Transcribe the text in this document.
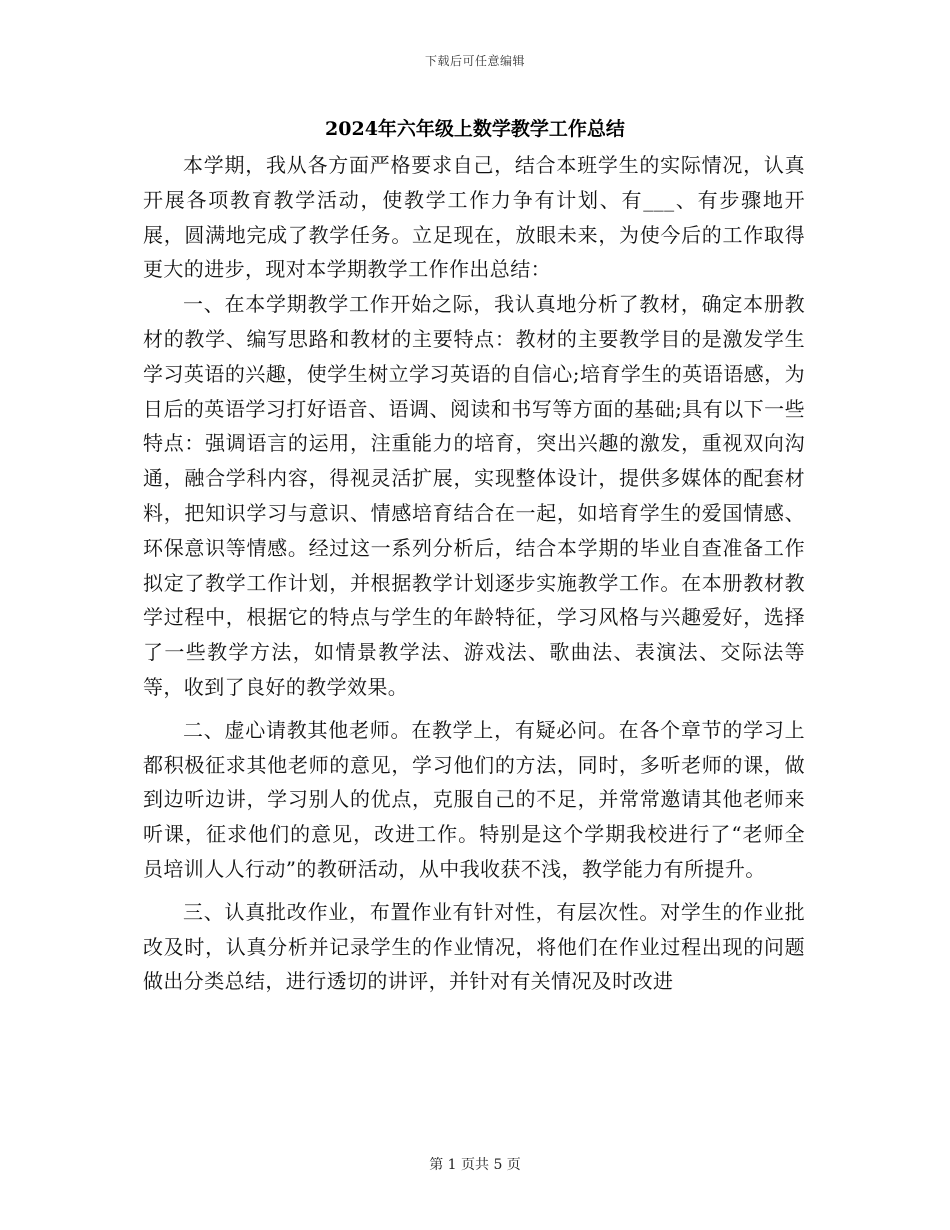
下载后可任意编辑
2024年六年级上数学教学工作总结

本学期，我从各方面严格要求自己，结合本班学生的实际情况，认真开展各项教育教学活动，使教学工作力争有计划、有___、有步骤地开展，圆满地完成了教学任务。立足现在，放眼未来，为使今后的工作取得更大的进步，现对本学期教学工作作出总结：

一、在本学期教学工作开始之际，我认真地分析了教材，确定本册教材的教学、编写思路和教材的主要特点：教材的主要教学目的是激发学生学习英语的兴趣，使学生树立学习英语的自信心;培育学生的英语语感，为日后的英语学习打好语音、语调、阅读和书写等方面的基础;具有以下一些特点：强调语言的运用，注重能力的培育，突出兴趣的激发，重视双向沟通，融合学科内容，得视灵活扩展，实现整体设计，提供多媒体的配套材料，把知识学习与意识、情感培育结合在一起，如培育学生的爱国情感、环保意识等情感。经过这一系列分析后，结合本学期的毕业自查准备工作拟定了教学工作计划，并根据教学计划逐步实施教学工作。在本册教材教学过程中，根据它的特点与学生的年龄特征，学习风格与兴趣爱好，选择了一些教学方法，如情景教学法、游戏法、歌曲法、表演法、交际法等等，收到了良好的教学效果。

二、虚心请教其他老师。在教学上，有疑必问。在各个章节的学习上都积极征求其他老师的意见，学习他们的方法，同时，多听老师的课，做到边听边讲，学习别人的优点，克服自己的不足，并常常邀请其他老师来听课，征求他们的意见，改进工作。特别是这个学期我校进行了“老师全员培训人人行动”的教研活动，从中我收获不浅，教学能力有所提升。

三、认真批改作业，布置作业有针对性，有层次性。对学生的作业批改及时，认真分析并记录学生的作业情况，将他们在作业过程出现的问题做出分类总结，进行透切的讲评，并针对有关情况及时改进

第 1 页共 5 页
